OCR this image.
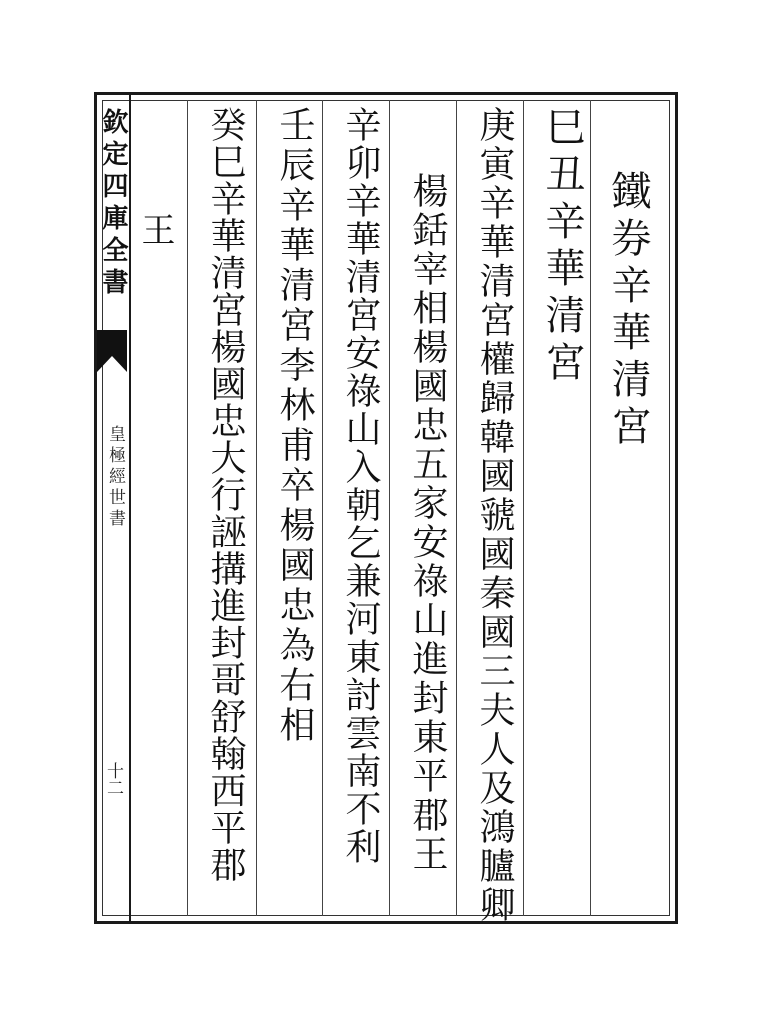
欽定四庫全書
皇極經世書
十二
鐵券辛華清宮
巳丑辛華清宮
庚寅辛華清宮權歸韓國虢國秦國三夫人及鴻臚卿
楊銛宰相楊國忠五家安祿山進封東平郡王
辛卯辛華清宮安祿山入朝乞兼河東討雲南不利
壬辰辛華清宮李林甫卒楊國忠為右相
癸巳辛華清宮楊國忠大行誣搆進封哥舒翰西平郡
王
